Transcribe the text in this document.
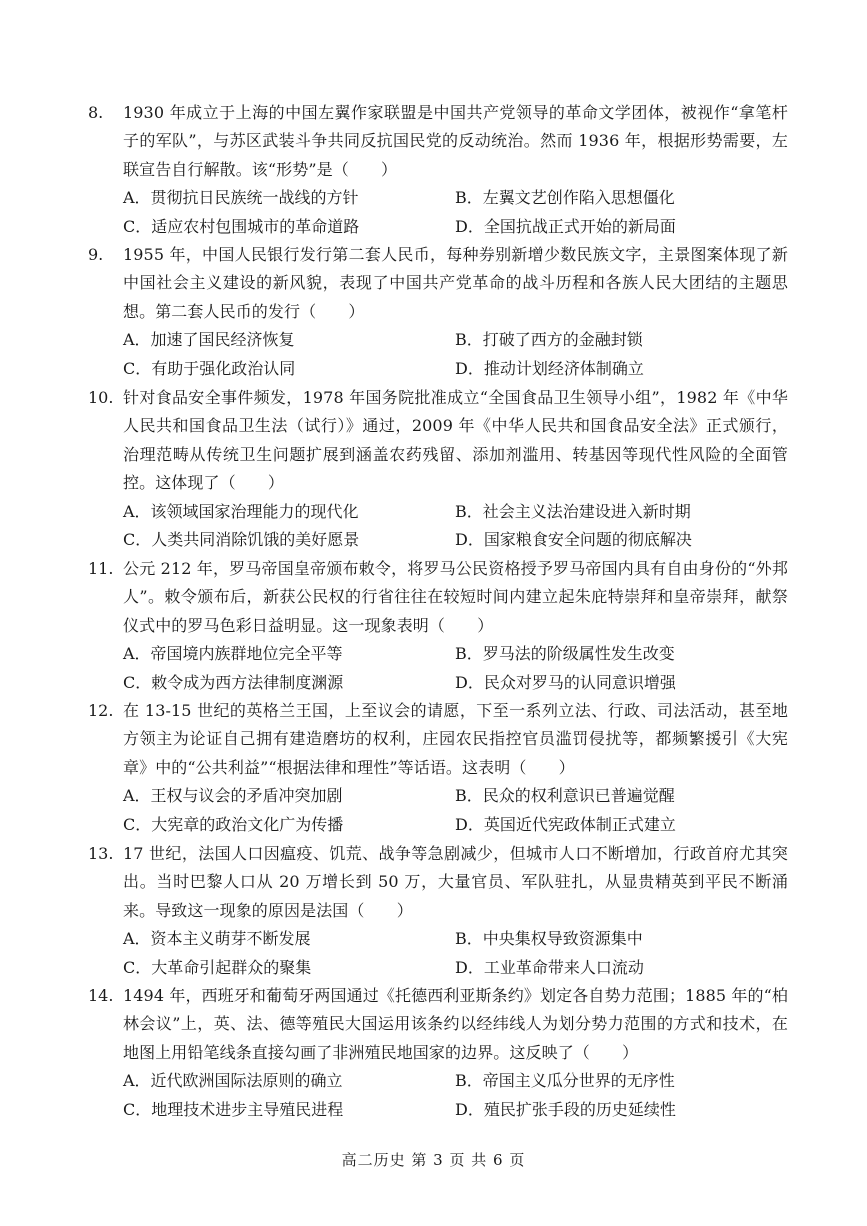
8.	1930 年成立于上海的中国左翼作家联盟是中国共产党领导的革命文学团体，被视作“拿笔杆子的军队”，与苏区武装斗争共同反抗国民党的反动统治。然而 1936 年，根据形势需要，左联宣告自行解散。该“形势”是（　　）
A．贯彻抗日民族统一战线的方针	B．左翼文艺创作陷入思想僵化
C．适应农村包围城市的革命道路	D．全国抗战正式开始的新局面
9.	1955 年，中国人民银行发行第二套人民币，每种券别新增少数民族文字，主景图案体现了新中国社会主义建设的新风貌，表现了中国共产党革命的战斗历程和各族人民大团结的主题思想。第二套人民币的发行（　　）
A．加速了国民经济恢复	B．打破了西方的金融封锁
C．有助于强化政治认同	D．推动计划经济体制确立
10. 针对食品安全事件频发，1978 年国务院批准成立“全国食品卫生领导小组”，1982 年《中华人民共和国食品卫生法（试行）》通过，2009 年《中华人民共和国食品安全法》正式颁行，治理范畴从传统卫生问题扩展到涵盖农药残留、添加剂滥用、转基因等现代性风险的全面管控。这体现了（　　）
A．该领域国家治理能力的现代化	B．社会主义法治建设进入新时期
C．人类共同消除饥饿的美好愿景	D．国家粮食安全问题的彻底解决
11. 公元 212 年，罗马帝国皇帝颁布敕令，将罗马公民资格授予罗马帝国内具有自由身份的“外邦人”。敕令颁布后，新获公民权的行省往往在较短时间内建立起朱庇特崇拜和皇帝崇拜，献祭仪式中的罗马色彩日益明显。这一现象表明（　　）
A．帝国境内族群地位完全平等	B．罗马法的阶级属性发生改变
C．敕令成为西方法律制度渊源	D．民众对罗马的认同意识增强
12. 在 13-15 世纪的英格兰王国，上至议会的请愿，下至一系列立法、行政、司法活动，甚至地方领主为论证自己拥有建造磨坊的权利，庄园农民指控官员滥罚侵扰等，都频繁援引《大宪章》中的“公共利益”“根据法律和理性”等话语。这表明（　　）
A．王权与议会的矛盾冲突加剧	B．民众的权利意识已普遍觉醒
C．大宪章的政治文化广为传播	D．英国近代宪政体制正式建立
13. 17 世纪，法国人口因瘟疫、饥荒、战争等急剧减少，但城市人口不断增加，行政首府尤其突出。当时巴黎人口从 20 万增长到 50 万，大量官员、军队驻扎，从显贵精英到平民不断涌来。导致这一现象的原因是法国（　　）
A．资本主义萌芽不断发展	B．中央集权导致资源集中
C．大革命引起群众的聚集	D．工业革命带来人口流动
14. 1494 年，西班牙和葡萄牙两国通过《托德西利亚斯条约》划定各自势力范围；1885 年的“柏林会议”上，英、法、德等殖民大国运用该条约以经纬线人为划分势力范围的方式和技术，在地图上用铅笔线条直接勾画了非洲殖民地国家的边界。这反映了（　　）
A．近代欧洲国际法原则的确立	B．帝国主义瓜分世界的无序性
C．地理技术进步主导殖民进程	D．殖民扩张手段的历史延续性
高二历史 第 3 页 共 6 页
